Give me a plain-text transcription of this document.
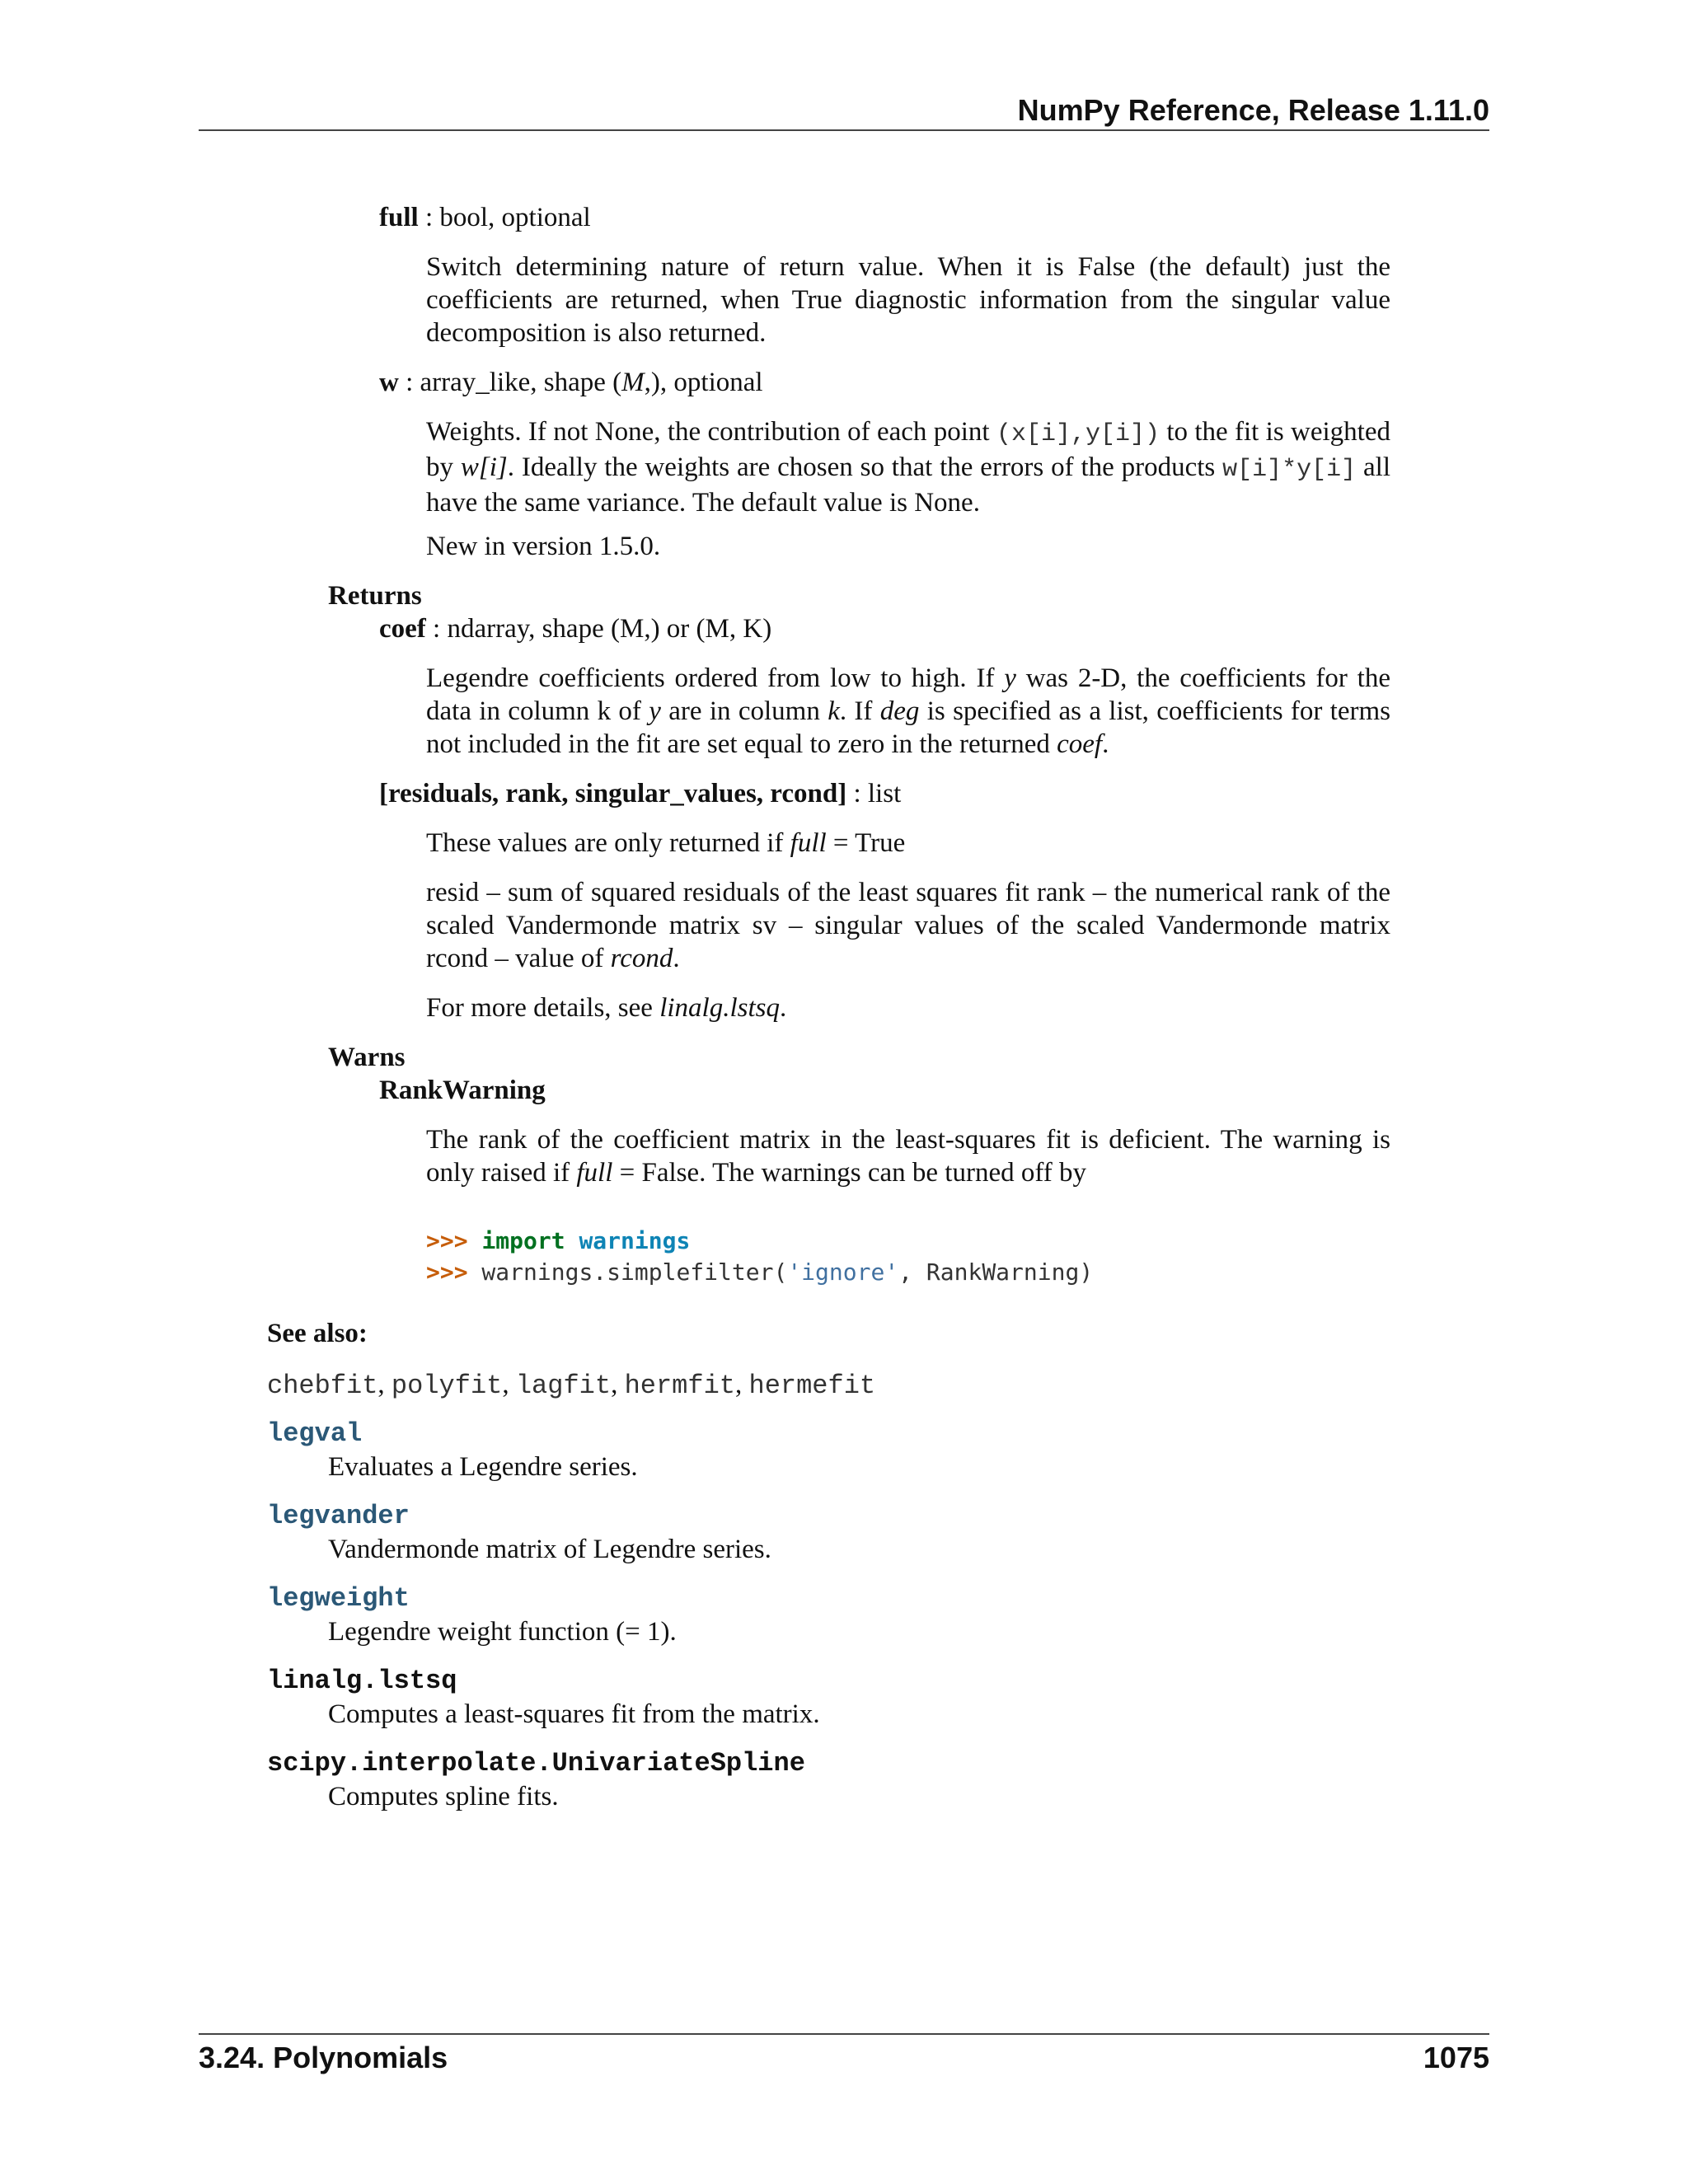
NumPy Reference, Release 1.11.0
full : bool, optional
Switch determining nature of return value. When it is False (the default) just the coefficients are returned, when True diagnostic information from the singular value decomposition is also returned.
w : array_like, shape (M,), optional
Weights. If not None, the contribution of each point (x[i],y[i]) to the fit is weighted by w[i]. Ideally the weights are chosen so that the errors of the products w[i]*y[i] all have the same variance. The default value is None.
New in version 1.5.0.
Returns
coef : ndarray, shape (M,) or (M, K)
Legendre coefficients ordered from low to high. If y was 2-D, the coefficients for the data in column k of y are in column k. If deg is specified as a list, coefficients for terms not included in the fit are set equal to zero in the returned coef.
[residuals, rank, singular_values, rcond] : list
These values are only returned if full = True
resid – sum of squared residuals of the least squares fit rank – the numerical rank of the scaled Vandermonde matrix sv – singular values of the scaled Vandermonde matrix rcond – value of rcond.
For more details, see linalg.lstsq.
Warns
RankWarning
The rank of the coefficient matrix in the least-squares fit is deficient. The warning is only raised if full = False. The warnings can be turned off by
>>> import warnings
>>> warnings.simplefilter('ignore', RankWarning)
See also:
chebfit, polyfit, lagfit, hermfit, hermefit
legval
Evaluates a Legendre series.
legvander
Vandermonde matrix of Legendre series.
legweight
Legendre weight function (= 1).
linalg.lstsq
Computes a least-squares fit from the matrix.
scipy.interpolate.UnivariateSpline
Computes spline fits.
3.24. Polynomials	1075
